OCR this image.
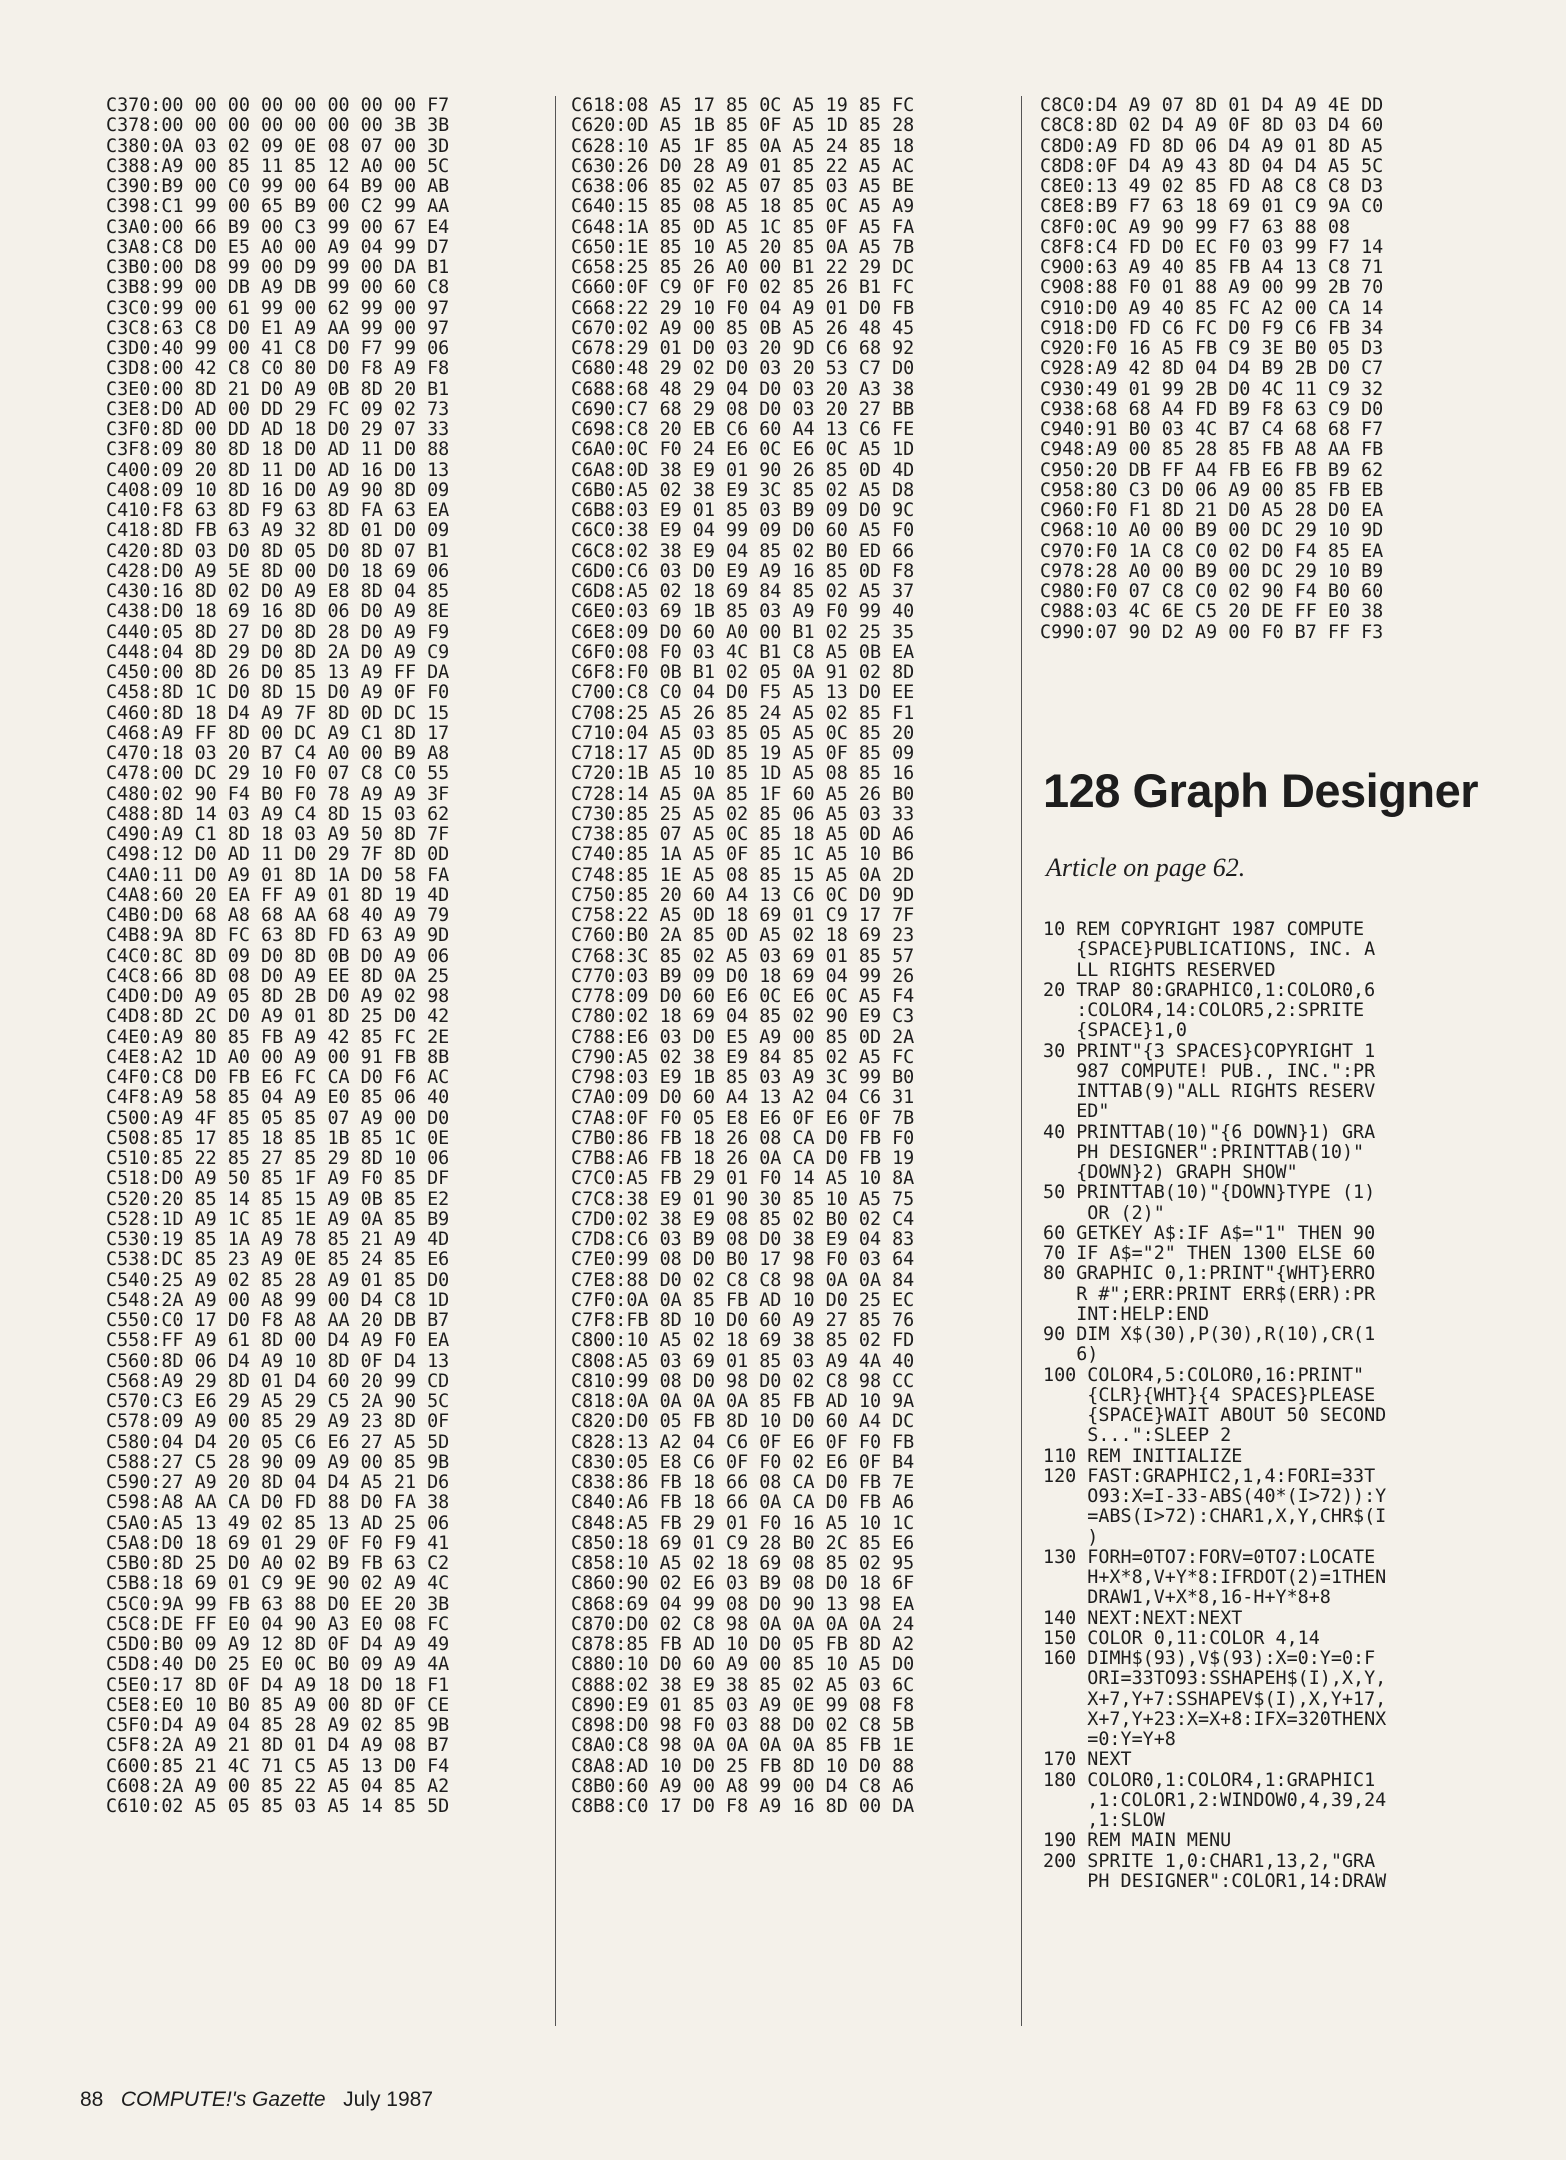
C370:00 00 00 00 00 00 00 00 F7
C378:00 00 00 00 00 00 00 3B 3B
C380:0A 03 02 09 0E 08 07 00 3D
C388:A9 00 85 11 85 12 A0 00 5C
C390:B9 00 C0 99 00 64 B9 00 AB
C398:C1 99 00 65 B9 00 C2 99 AA
C3A0:00 66 B9 00 C3 99 00 67 E4
C3A8:C8 D0 E5 A0 00 A9 04 99 D7
C3B0:00 D8 99 00 D9 99 00 DA B1
C3B8:99 00 DB A9 DB 99 00 60 C8
C3C0:99 00 61 99 00 62 99 00 97
C3C8:63 C8 D0 E1 A9 AA 99 00 97
C3D0:40 99 00 41 C8 D0 F7 99 06
C3D8:00 42 C8 C0 80 D0 F8 A9 F8
C3E0:00 8D 21 D0 A9 0B 8D 20 B1
C3E8:D0 AD 00 DD 29 FC 09 02 73
C3F0:8D 00 DD AD 18 D0 29 07 33
C3F8:09 80 8D 18 D0 AD 11 D0 88
C400:09 20 8D 11 D0 AD 16 D0 13
C408:09 10 8D 16 D0 A9 90 8D 09
C410:F8 63 8D F9 63 8D FA 63 EA
C418:8D FB 63 A9 32 8D 01 D0 09
C420:8D 03 D0 8D 05 D0 8D 07 B1
C428:D0 A9 5E 8D 00 D0 18 69 06
C430:16 8D 02 D0 A9 E8 8D 04 85
C438:D0 18 69 16 8D 06 D0 A9 8E
C440:05 8D 27 D0 8D 28 D0 A9 F9
C448:04 8D 29 D0 8D 2A D0 A9 C9
C450:00 8D 26 D0 85 13 A9 FF DA
C458:8D 1C D0 8D 15 D0 A9 0F F0
C460:8D 18 D4 A9 7F 8D 0D DC 15
C468:A9 FF 8D 00 DC A9 C1 8D 17
C470:18 03 20 B7 C4 A0 00 B9 A8
C478:00 DC 29 10 F0 07 C8 C0 55
C480:02 90 F4 B0 F0 78 A9 A9 3F
C488:8D 14 03 A9 C4 8D 15 03 62
C490:A9 C1 8D 18 03 A9 50 8D 7F
C498:12 D0 AD 11 D0 29 7F 8D 0D
C4A0:11 D0 A9 01 8D 1A D0 58 FA
C4A8:60 20 EA FF A9 01 8D 19 4D
C4B0:D0 68 A8 68 AA 68 40 A9 79
C4B8:9A 8D FC 63 8D FD 63 A9 9D
C4C0:8C 8D 09 D0 8D 0B D0 A9 06
C4C8:66 8D 08 D0 A9 EE 8D 0A 25
C4D0:D0 A9 05 8D 2B D0 A9 02 98
C4D8:8D 2C D0 A9 01 8D 25 D0 42
C4E0:A9 80 85 FB A9 42 85 FC 2E
C4E8:A2 1D A0 00 A9 00 91 FB 8B
C4F0:C8 D0 FB E6 FC CA D0 F6 AC
C4F8:A9 58 85 04 A9 E0 85 06 40
C500:A9 4F 85 05 85 07 A9 00 D0
C508:85 17 85 18 85 1B 85 1C 0E
C510:85 22 85 27 85 29 8D 10 06
C518:D0 A9 50 85 1F A9 F0 85 DF
C520:20 85 14 85 15 A9 0B 85 E2
C528:1D A9 1C 85 1E A9 0A 85 B9
C530:19 85 1A A9 78 85 21 A9 4D
C538:DC 85 23 A9 0E 85 24 85 E6
C540:25 A9 02 85 28 A9 01 85 D0
C548:2A A9 00 A8 99 00 D4 C8 1D
C550:C0 17 D0 F8 A8 AA 20 DB B7
C558:FF A9 61 8D 00 D4 A9 F0 EA
C560:8D 06 D4 A9 10 8D 0F D4 13
C568:A9 29 8D 01 D4 60 20 99 CD
C570:C3 E6 29 A5 29 C5 2A 90 5C
C578:09 A9 00 85 29 A9 23 8D 0F
C580:04 D4 20 05 C6 E6 27 A5 5D
C588:27 C5 28 90 09 A9 00 85 9B
C590:27 A9 20 8D 04 D4 A5 21 D6
C598:A8 AA CA D0 FD 88 D0 FA 38
C5A0:A5 13 49 02 85 13 AD 25 06
C5A8:D0 18 69 01 29 0F F0 F9 41
C5B0:8D 25 D0 A0 02 B9 FB 63 C2
C5B8:18 69 01 C9 9E 90 02 A9 4C
C5C0:9A 99 FB 63 88 D0 EE 20 3B
C5C8:DE FF E0 04 90 A3 E0 08 FC
C5D0:B0 09 A9 12 8D 0F D4 A9 49
C5D8:40 D0 25 E0 0C B0 09 A9 4A
C5E0:17 8D 0F D4 A9 18 D0 18 F1
C5E8:E0 10 B0 85 A9 00 8D 0F CE
C5F0:D4 A9 04 85 28 A9 02 85 9B
C5F8:2A A9 21 8D 01 D4 A9 08 B7
C600:85 21 4C 71 C5 A5 13 D0 F4
C608:2A A9 00 85 22 A5 04 85 A2
C610:02 A5 05 85 03 A5 14 85 5D
C618:08 A5 17 85 0C A5 19 85 FC
C620:0D A5 1B 85 0F A5 1D 85 28
C628:10 A5 1F 85 0A A5 24 85 18
C630:26 D0 28 A9 01 85 22 A5 AC
C638:06 85 02 A5 07 85 03 A5 BE
C640:15 85 08 A5 18 85 0C A5 A9
C648:1A 85 0D A5 1C 85 0F A5 FA
C650:1E 85 10 A5 20 85 0A A5 7B
C658:25 85 26 A0 00 B1 22 29 DC
C660:0F C9 0F F0 02 85 26 B1 FC
C668:22 29 10 F0 04 A9 01 D0 FB
C670:02 A9 00 85 0B A5 26 48 45
C678:29 01 D0 03 20 9D C6 68 92
C680:48 29 02 D0 03 20 53 C7 D0
C688:68 48 29 04 D0 03 20 A3 38
C690:C7 68 29 08 D0 03 20 27 BB
C698:C8 20 EB C6 60 A4 13 C6 FE
C6A0:0C F0 24 E6 0C E6 0C A5 1D
C6A8:0D 38 E9 01 90 26 85 0D 4D
C6B0:A5 02 38 E9 3C 85 02 A5 D8
C6B8:03 E9 01 85 03 B9 09 D0 9C
C6C0:38 E9 04 99 09 D0 60 A5 F0
C6C8:02 38 E9 04 85 02 B0 ED 66
C6D0:C6 03 D0 E9 A9 16 85 0D F8
C6D8:A5 02 18 69 84 85 02 A5 37
C6E0:03 69 1B 85 03 A9 F0 99 40
C6E8:09 D0 60 A0 00 B1 02 25 35
C6F0:08 F0 03 4C B1 C8 A5 0B EA
C6F8:F0 0B B1 02 05 0A 91 02 8D
C700:C8 C0 04 D0 F5 A5 13 D0 EE
C708:25 A5 26 85 24 A5 02 85 F1
C710:04 A5 03 85 05 A5 0C 85 20
C718:17 A5 0D 85 19 A5 0F 85 09
C720:1B A5 10 85 1D A5 08 85 16
C728:14 A5 0A 85 1F 60 A5 26 B0
C730:85 25 A5 02 85 06 A5 03 33
C738:85 07 A5 0C 85 18 A5 0D A6
C740:85 1A A5 0F 85 1C A5 10 B6
C748:85 1E A5 08 85 15 A5 0A 2D
C750:85 20 60 A4 13 C6 0C D0 9D
C758:22 A5 0D 18 69 01 C9 17 7F
C760:B0 2A 85 0D A5 02 18 69 23
C768:3C 85 02 A5 03 69 01 85 57
C770:03 B9 09 D0 18 69 04 99 26
C778:09 D0 60 E6 0C E6 0C A5 F4
C780:02 18 69 04 85 02 90 E9 C3
C788:E6 03 D0 E5 A9 00 85 0D 2A
C790:A5 02 38 E9 84 85 02 A5 FC
C798:03 E9 1B 85 03 A9 3C 99 B0
C7A0:09 D0 60 A4 13 A2 04 C6 31
C7A8:0F F0 05 E8 E6 0F E6 0F 7B
C7B0:86 FB 18 26 08 CA D0 FB F0
C7B8:A6 FB 18 26 0A CA D0 FB 19
C7C0:A5 FB 29 01 F0 14 A5 10 8A
C7C8:38 E9 01 90 30 85 10 A5 75
C7D0:02 38 E9 08 85 02 B0 02 C4
C7D8:C6 03 B9 08 D0 38 E9 04 83
C7E0:99 08 D0 B0 17 98 F0 03 64
C7E8:88 D0 02 C8 C8 98 0A 0A 84
C7F0:0A 0A 85 FB AD 10 D0 25 EC
C7F8:FB 8D 10 D0 60 A9 27 85 76
C800:10 A5 02 18 69 38 85 02 FD
C808:A5 03 69 01 85 03 A9 4A 40
C810:99 08 D0 98 D0 02 C8 98 CC
C818:0A 0A 0A 0A 85 FB AD 10 9A
C820:D0 05 FB 8D 10 D0 60 A4 DC
C828:13 A2 04 C6 0F E6 0F F0 FB
C830:05 E8 C6 0F F0 02 E6 0F B4
C838:86 FB 18 66 08 CA D0 FB 7E
C840:A6 FB 18 66 0A CA D0 FB A6
C848:A5 FB 29 01 F0 16 A5 10 1C
C850:18 69 01 C9 28 B0 2C 85 E6
C858:10 A5 02 18 69 08 85 02 95
C860:90 02 E6 03 B9 08 D0 18 6F
C868:69 04 99 08 D0 90 13 98 EA
C870:D0 02 C8 98 0A 0A 0A 0A 24
C878:85 FB AD 10 D0 05 FB 8D A2
C880:10 D0 60 A9 00 85 10 A5 D0
C888:02 38 E9 38 85 02 A5 03 6C
C890:E9 01 85 03 A9 0E 99 08 F8
C898:D0 98 F0 03 88 D0 02 C8 5B
C8A0:C8 98 0A 0A 0A 0A 85 FB 1E
C8A8:AD 10 D0 25 FB 8D 10 D0 88
C8B0:60 A9 00 A8 99 00 D4 C8 A6
C8B8:C0 17 D0 F8 A9 16 8D 00 DA
C8C0:D4 A9 07 8D 01 D4 A9 4E DD
C8C8:8D 02 D4 A9 0F 8D 03 D4 60
C8D0:A9 FD 8D 06 D4 A9 01 8D A5
C8D8:0F D4 A9 43 8D 04 D4 A5 5C
C8E0:13 49 02 85 FD A8 C8 C8 D3
C8E8:B9 F7 63 18 69 01 C9 9A C0
C8F0:0C A9 90 99 F7 63 88 08
C8F8:C4 FD D0 EC F0 03 99 F7 14
C900:63 A9 40 85 FB A4 13 C8 71
C908:88 F0 01 88 A9 00 99 2B 70
C910:D0 A9 40 85 FC A2 00 CA 14
C918:D0 FD C6 FC D0 F9 C6 FB 34
C920:F0 16 A5 FB C9 3E B0 05 D3
C928:A9 42 8D 04 D4 B9 2B D0 C7
C930:49 01 99 2B D0 4C 11 C9 32
C938:68 68 A4 FD B9 F8 63 C9 D0
C940:91 B0 03 4C B7 C4 68 68 F7
C948:A9 00 85 28 85 FB A8 AA FB
C950:20 DB FF A4 FB E6 FB B9 62
C958:80 C3 D0 06 A9 00 85 FB EB
C960:F0 F1 8D 21 D0 A5 28 D0 EA
C968:10 A0 00 B9 00 DC 29 10 9D
C970:F0 1A C8 C0 02 D0 F4 85 EA
C978:28 A0 00 B9 00 DC 29 10 B9
C980:F0 07 C8 C0 02 90 F4 B0 60
C988:03 4C 6E C5 20 DE FF E0 38
C990:07 90 D2 A9 00 F0 B7 FF F3
128 Graph Designer
Article on page 62.
10 REM COPYRIGHT 1987 COMPUTE
{SPACE}PUBLICATIONS, INC. A
LL RIGHTS RESERVED
20 TRAP 80:GRAPHIC0,1:COLOR0,6
:COLOR4,14:COLOR5,2:SPRITE
{SPACE}1,0
30 PRINT"{3 SPACES}COPYRIGHT 1
987 COMPUTE! PUB., INC.":PR
INTTAB(9)"ALL RIGHTS RESERV
ED"
40 PRINTTAB(10)"{6 DOWN}1) GRA
PH DESIGNER":PRINTTAB(10)"
{DOWN}2) GRAPH SHOW"
50 PRINTTAB(10)"{DOWN}TYPE (1)
OR (2)"
60 GETKEY A$:IF A$="1" THEN 90
70 IF A$="2" THEN 1300 ELSE 60
80 GRAPHIC 0,1:PRINT"{WHT}ERRO
R #";ERR:PRINT ERR$(ERR):PR
INT:HELP:END
90 DIM X$(30),P(30),R(10),CR(1
6)
100 COLOR4,5:COLOR0,16:PRINT"
{CLR}{WHT}{4 SPACES}PLEASE
{SPACE}WAIT ABOUT 50 SECOND
S...":SLEEP 2
110 REM INITIALIZE
120 FAST:GRAPHIC2,1,4:FORI=33T
O93:X=I-33-ABS(40*(I>72)):Y
=ABS(I>72):CHAR1,X,Y,CHR$(I
)
130 FORH=0TO7:FORV=0TO7:LOCATE
H+X*8,V+Y*8:IFRDOT(2)=1THEN
DRAW1,V+X*8,16-H+Y*8+8
140 NEXT:NEXT:NEXT
150 COLOR 0,11:COLOR 4,14
160 DIMH$(93),V$(93):X=0:Y=0:F
ORI=33TO93:SSHAPEH$(I),X,Y,
X+7,Y+7:SSHAPEV$(I),X,Y+17,
X+7,Y+23:X=X+8:IFX=320THENX
=0:Y=Y+8
170 NEXT
180 COLOR0,1:COLOR4,1:GRAPHIC1
,1:COLOR1,2:WINDOW0,4,39,24
,1:SLOW
190 REM MAIN MENU
200 SPRITE 1,0:CHAR1,13,2,"GRA
PH DESIGNER":COLOR1,14:DRAW
88 COMPUTE!'s Gazette July 1987
